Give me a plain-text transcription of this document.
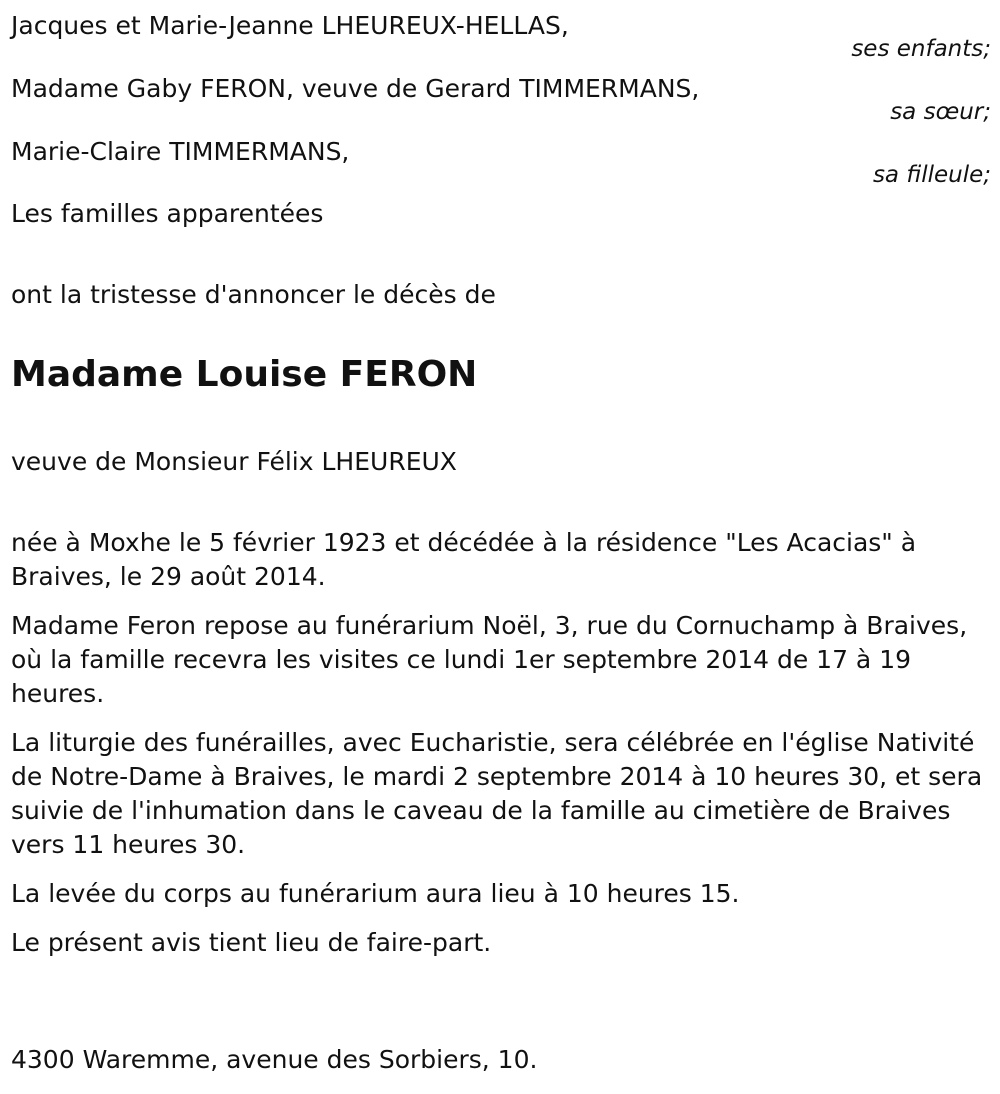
Jacques et Marie-Jeanne LHEUREUX-HELLAS,
ses enfants;
Madame Gaby FERON, veuve de Gerard TIMMERMANS,
sa sœur;
Marie-Claire TIMMERMANS,
sa filleule;

Les familles apparentées

ont la tristesse d'annoncer le décès de

Madame Louise FERON

veuve de Monsieur Félix LHEUREUX

née à Moxhe le 5 février 1923 et décédée à la résidence "Les Acacias" à Braives, le 29 août 2014.

Madame Feron repose au funérarium Noël, 3, rue du Cornuchamp à Braives, où la famille recevra les visites ce lundi 1er septembre 2014 de 17 à 19 heures.

La liturgie des funérailles, avec Eucharistie, sera célébrée en l'église Nativité de Notre-Dame à Braives, le mardi 2 septembre 2014 à 10 heures 30, et sera suivie de l'inhumation dans le caveau de la famille au cimetière de Braives vers 11 heures 30.

La levée du corps au funérarium aura lieu à 10 heures 15.

Le présent avis tient lieu de faire-part.

4300 Waremme, avenue des Sorbiers, 10.
